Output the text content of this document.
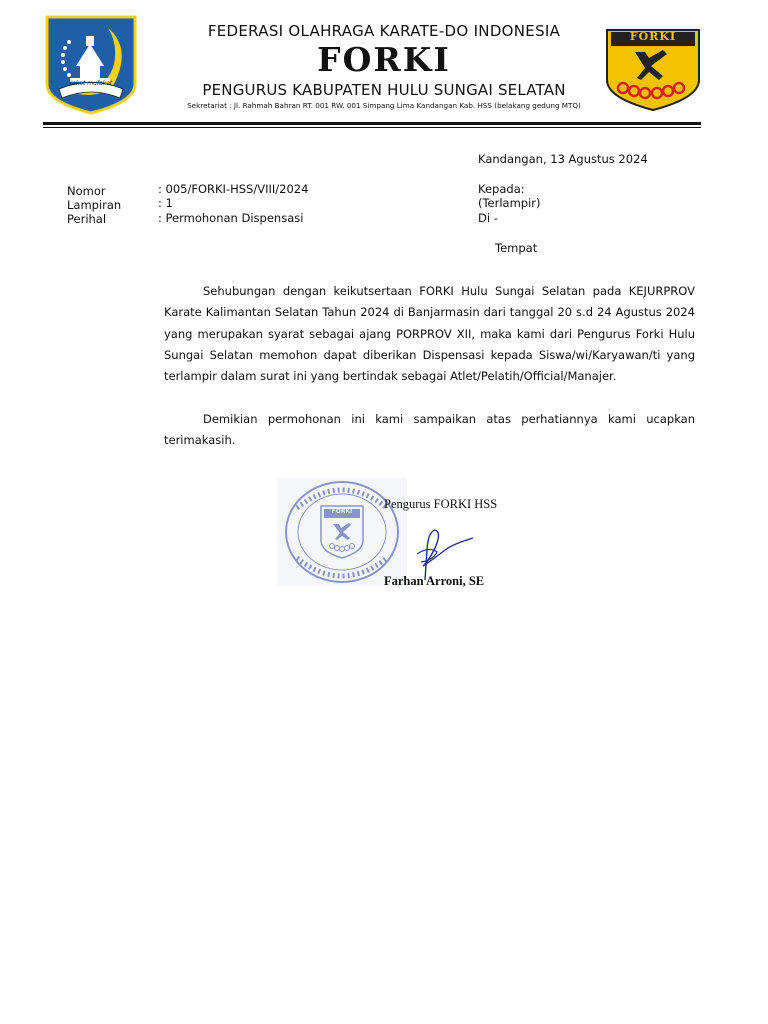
rakat mufakat
FORKI
FEDERASI OLAHRAGA KARATE-DO INDONESIA
FORKI
PENGURUS KABUPATEN HULU SUNGAI SELATAN
Sekretariat : Jl. Rahmah Bahran RT. 001 RW. 001 Simpang Lima Kandangan Kab. HSS (belakang gedung MTQ)
Kandangan, 13 Agustus 2024
Nomor	: 005/FORKI-HSS/VIII/2024
Lampiran	: 1
Perihal	: Permohonan Dispensasi
Kepada:
(Terlampir)
Di -
Tempat
Sehubungan dengan keikutsertaan FORKI Hulu Sungai Selatan pada KEJURPROV Karate Kalimantan Selatan Tahun 2024 di Banjarmasin dari tanggal 20 s.d 24 Agustus 2024 yang merupakan syarat sebagai ajang PORPROV XII, maka kami dari Pengurus Forki Hulu Sungai Selatan memohon dapat diberikan Dispensasi kepada Siswa/wi/Karyawan/ti yang terlampir dalam surat ini yang bertindak sebagai Atlet/Pelatih/Official/Manajer.
Demikian permohonan ini kami sampaikan atas perhatiannya kami ucapkan terimakasih.
FORKI
Pengurus FORKI HSS
Farhan Arroni, SE
